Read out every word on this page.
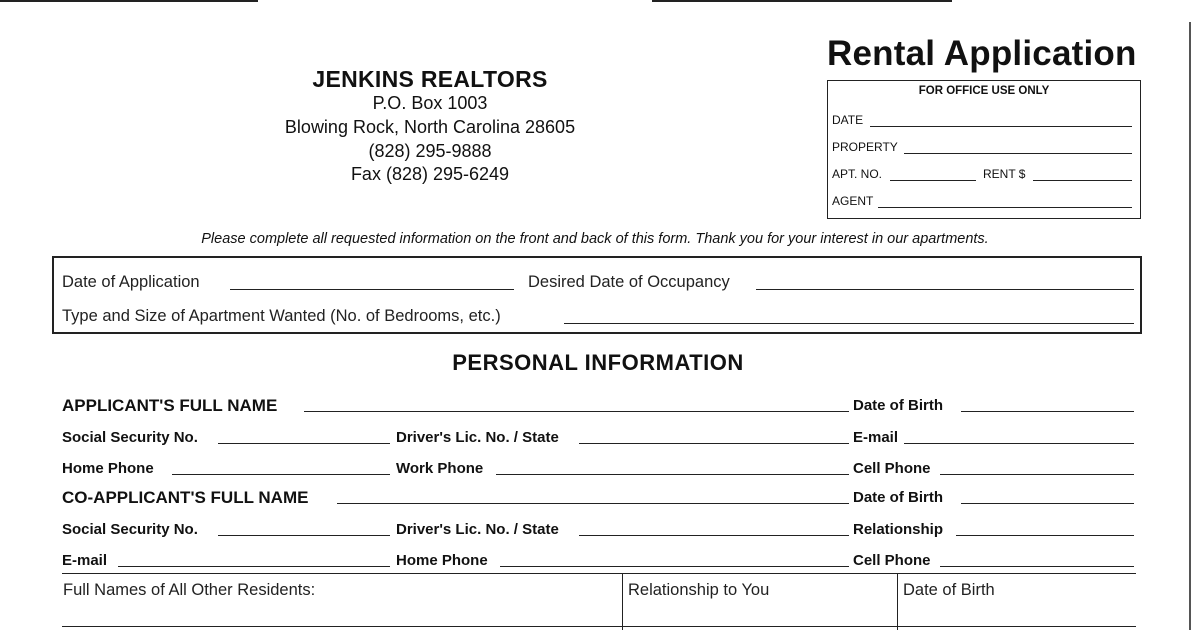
JENKINS REALTORS
P.O. Box 1003
Blowing Rock, North Carolina 28605
(828) 295-9888
Fax (828) 295-6249
Rental Application
FOR OFFICE USE ONLY
DATE
PROPERTY
APT. NO.	RENT $
AGENT
Please complete all requested information on the front and back of this form. Thank you for your interest in our apartments.
Date of Application	Desired Date of Occupancy
Type and Size of Apartment Wanted (No. of Bedrooms, etc.)
PERSONAL INFORMATION
APPLICANT'S FULL NAME	Date of Birth
Social Security No.	Driver's Lic. No. / State	E-mail
Home Phone	Work Phone	Cell Phone
CO-APPLICANT'S FULL NAME	Date of Birth
Social Security No.	Driver's Lic. No. / State	Relationship
E-mail	Home Phone	Cell Phone
Full Names of All Other Residents:	Relationship to You	Date of Birth
